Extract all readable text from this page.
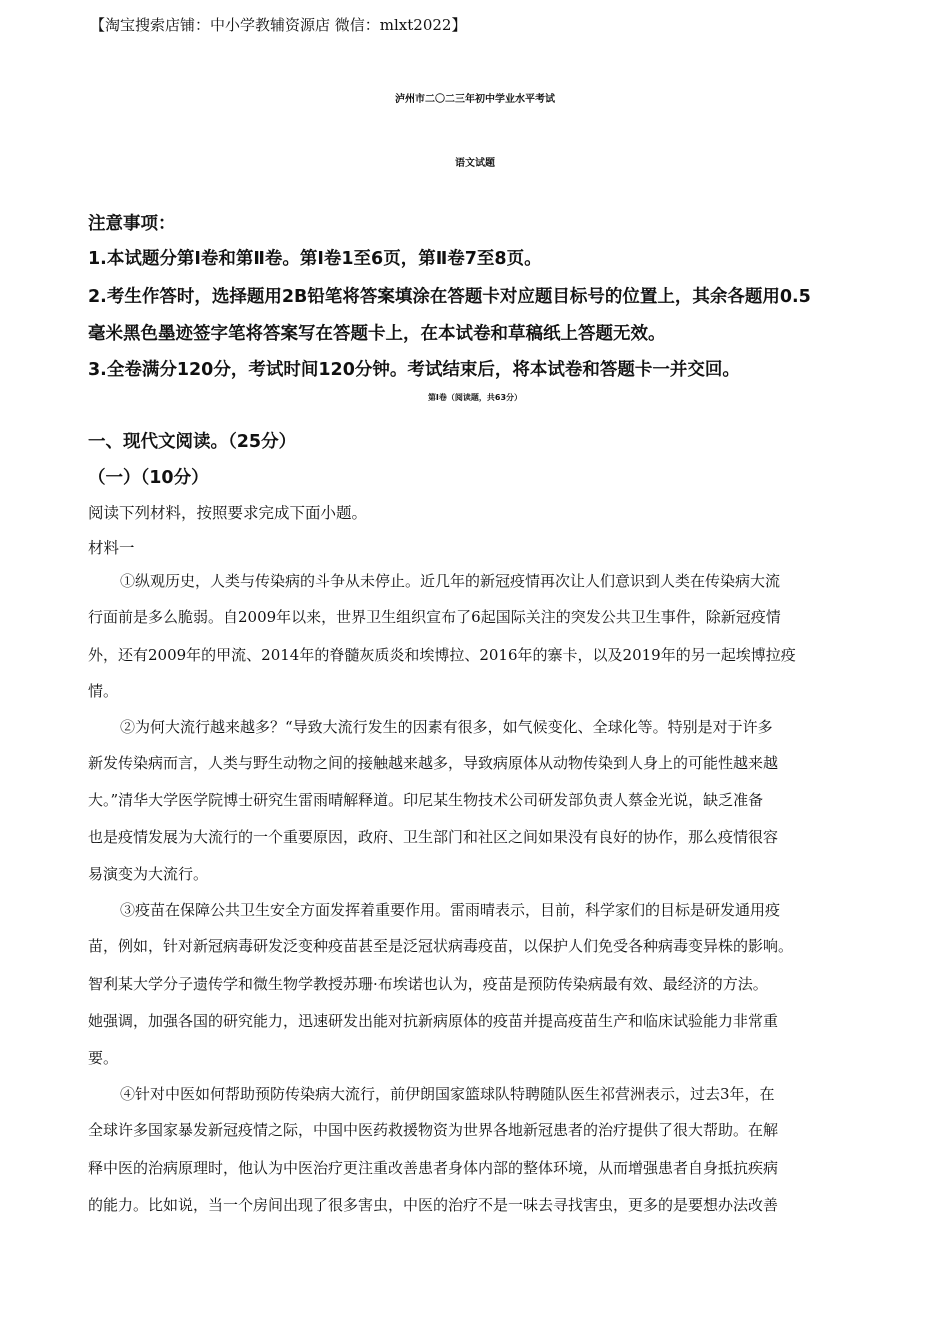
【淘宝搜索店铺：中小学教辅资源店 微信：mlxt2022】
泸州市二〇二三年初中学业水平考试
语文试题
注意事项：
1.本试题分第Ⅰ卷和第Ⅱ卷。第Ⅰ卷1至6页，第Ⅱ卷7至8页。
2.考生作答时，选择题用2B铅笔将答案填涂在答题卡对应题目标号的位置上，其余各题用0.5
毫米黑色墨迹签字笔将答案写在答题卡上，在本试卷和草稿纸上答题无效。
3.全卷满分120分，考试时间120分钟。考试结束后，将本试卷和答题卡一并交回。
第Ⅰ卷（阅读题，共63分）
一、现代文阅读。（25分）
（一）（10分）
阅读下列材料，按照要求完成下面小题。
材料一
①纵观历史，人类与传染病的斗争从未停止。近几年的新冠疫情再次让人们意识到人类在传染病大流
行面前是多么脆弱。自2009年以来，世界卫生组织宣布了6起国际关注的突发公共卫生事件，除新冠疫情
外，还有2009年的甲流、2014年的脊髓灰质炎和埃博拉、2016年的寨卡，以及2019年的另一起埃博拉疫
情。
②为何大流行越来越多？“导致大流行发生的因素有很多，如气候变化、全球化等。特别是对于许多
新发传染病而言，人类与野生动物之间的接触越来越多，导致病原体从动物传染到人身上的可能性越来越
大。”清华大学医学院博士研究生雷雨晴解释道。印尼某生物技术公司研发部负责人蔡金光说，缺乏准备
也是疫情发展为大流行的一个重要原因，政府、卫生部门和社区之间如果没有良好的协作，那么疫情很容
易演变为大流行。
③疫苗在保障公共卫生安全方面发挥着重要作用。雷雨晴表示，目前，科学家们的目标是研发通用疫
苗，例如，针对新冠病毒研发泛变种疫苗甚至是泛冠状病毒疫苗，以保护人们免受各种病毒变异株的影响。
智利某大学分子遗传学和微生物学教授苏珊·布埃诺也认为，疫苗是预防传染病最有效、最经济的方法。
她强调，加强各国的研究能力，迅速研发出能对抗新病原体的疫苗并提高疫苗生产和临床试验能力非常重
要。
④针对中医如何帮助预防传染病大流行，前伊朗国家篮球队特聘随队医生祁营洲表示，过去3年，在
全球许多国家暴发新冠疫情之际，中国中医药救援物资为世界各地新冠患者的治疗提供了很大帮助。在解
释中医的治病原理时，他认为中医治疗更注重改善患者身体内部的整体环境，从而增强患者自身抵抗疾病
的能力。比如说，当一个房间出现了很多害虫，中医的治疗不是一味去寻找害虫，更多的是要想办法改善
